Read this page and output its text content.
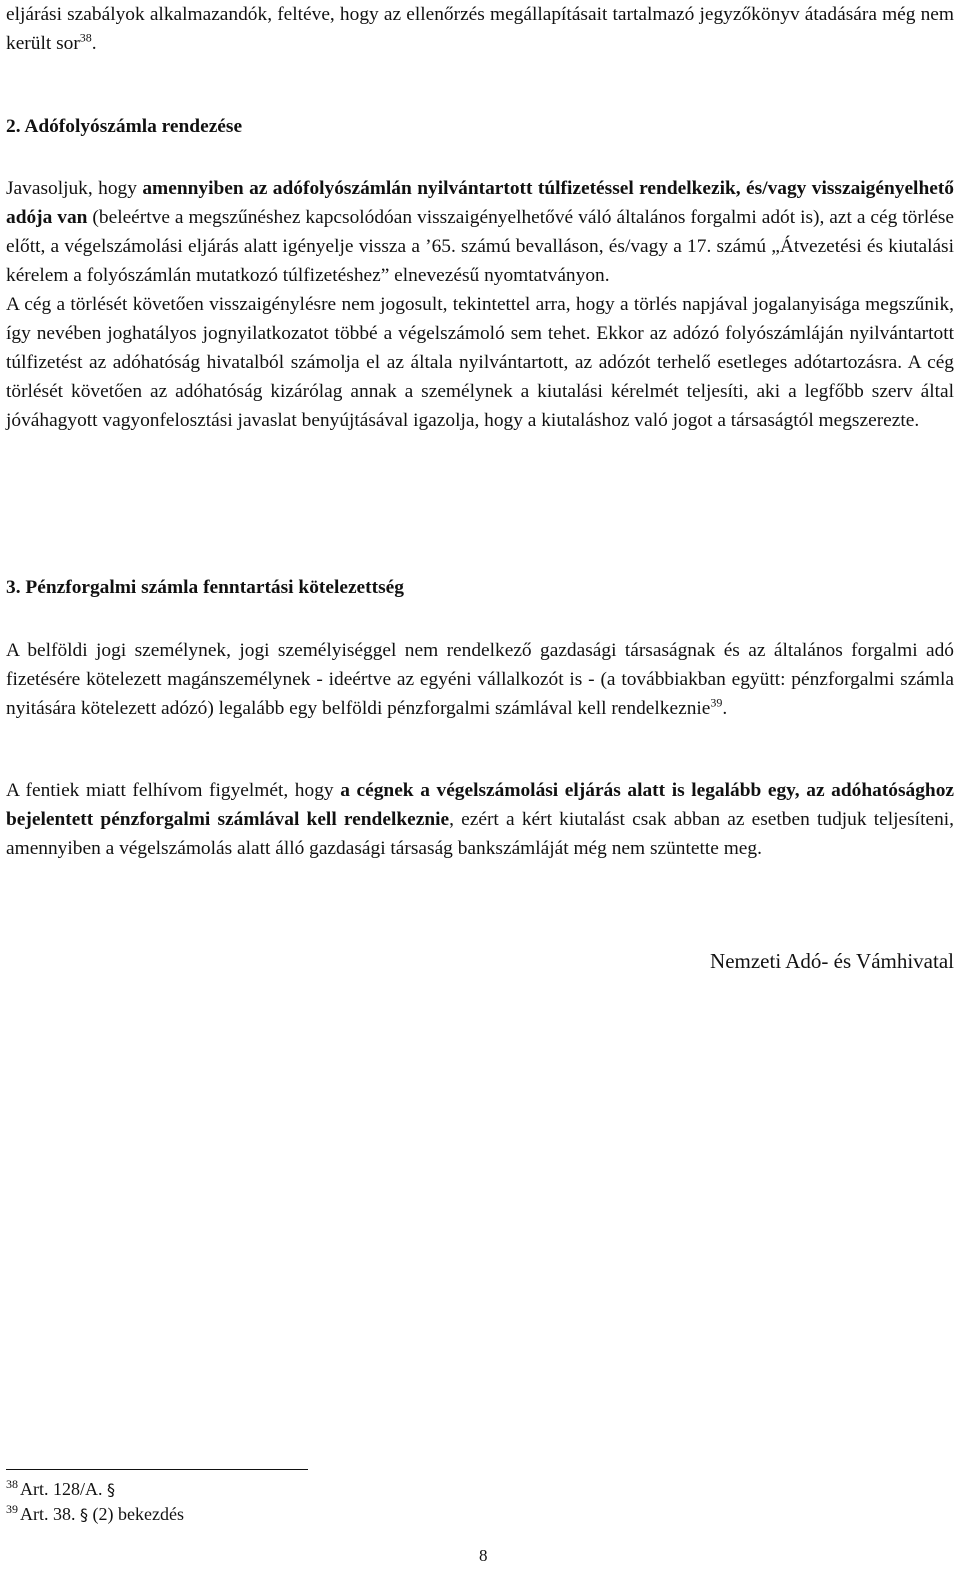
eljárási szabályok alkalmazandók, feltéve, hogy az ellenőrzés megállapításait tartalmazó jegyzőkönyv átadására még nem került sor$^{38}$.

2. Adófolyószámla rendezése

Javasoljuk, hogy amennyiben az adófolyószámlán nyilvántartott túlfizetéssel rendelkezik, és/vagy visszaigényelhető adója van (beleértve a megszűnéshez kapcsolódóan visszaigényelhetővé váló általános forgalmi adót is), azt a cég törlése előtt, a végelszámolási eljárás alatt igényelje vissza a ’65. számú bevalláson, és/vagy a 17. számú „Átvezetési és kiutalási kérelem a folyószámlán mutatkozó túlfizetéshez” elnevezésű nyomtatványon.
A cég a törlését követően visszaigénylésre nem jogosult, tekintettel arra, hogy a törlés napjával jogalanyisága megszűnik, így nevében joghatályos jognyilatkozatot többé a végelszámoló sem tehet. Ekkor az adózó folyószámláján nyilvántartott túlfizetést az adóhatóság hivatalból számolja el az általa nyilvántartott, az adózót terhelő esetleges adótartozásra. A cég törlését követően az adóhatóság kizárólag annak a személynek a kiutalási kérelmét teljesíti, aki a legfőbb szerv által jóváhagyott vagyonfelosztási javaslat benyújtásával igazolja, hogy a kiutaláshoz való jogot a társaságtól megszerezte.

3. Pénzforgalmi számla fenntartási kötelezettség

A belföldi jogi személynek, jogi személyiséggel nem rendelkező gazdasági társaságnak és az általános forgalmi adó fizetésére kötelezett magánszemélynek - ideértve az egyéni vállalkozót is - (a továbbiakban együtt: pénzforgalmi számla nyitására kötelezett adózó) legalább egy belföldi pénzforgalmi számlával kell rendelkeznie$^{39}$.

A fentiek miatt felhívom figyelmét, hogy a cégnek a végelszámolási eljárás alatt is legalább egy, az adóhatósághoz bejelentett pénzforgalmi számlával kell rendelkeznie, ezért a kért kiutalást csak abban az esetben tudjuk teljesíteni, amennyiben a végelszámolás alatt álló gazdasági társaság bankszámláját még nem szüntette meg.

Nemzeti Adó- és Vámhivatal

$^{38}$ Art. 128/A. §

$^{39}$ Art. 38. § (2) bekezdés

8
